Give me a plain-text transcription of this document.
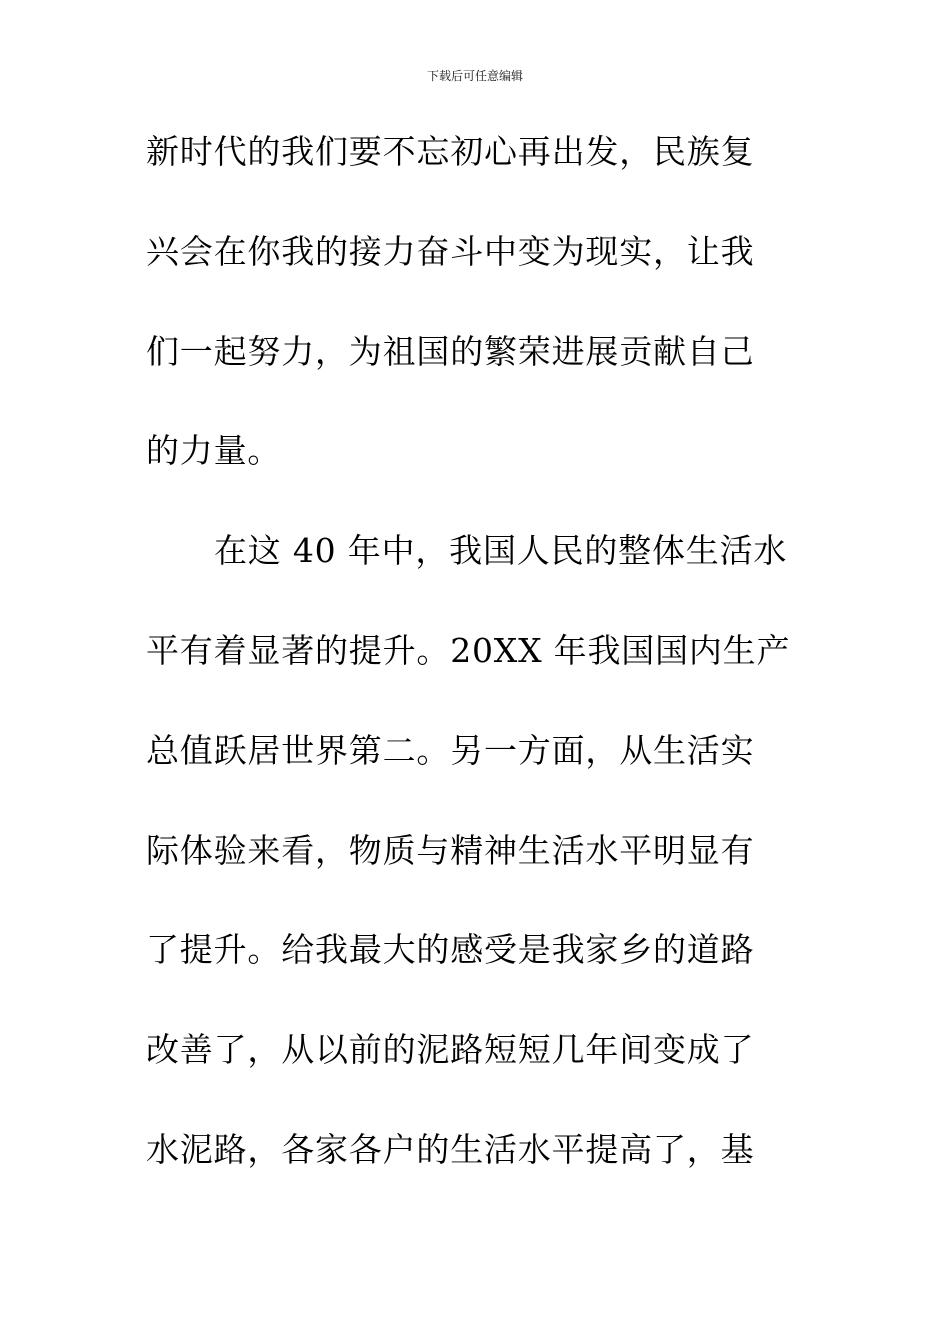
下载后可任意编辑
新时代的我们要不忘初心再出发，民族复
兴会在你我的接力奋斗中变为现实，让我
们一起努力，为祖国的繁荣进展贡献自己
的力量。
在这 40 年中，我国人民的整体生活水
平有着显著的提升。20XX 年我国国内生产
总值跃居世界第二。另一方面，从生活实
际体验来看，物质与精神生活水平明显有
了提升。给我最大的感受是我家乡的道路
改善了，从以前的泥路短短几年间变成了
水泥路，各家各户的生活水平提高了，基
